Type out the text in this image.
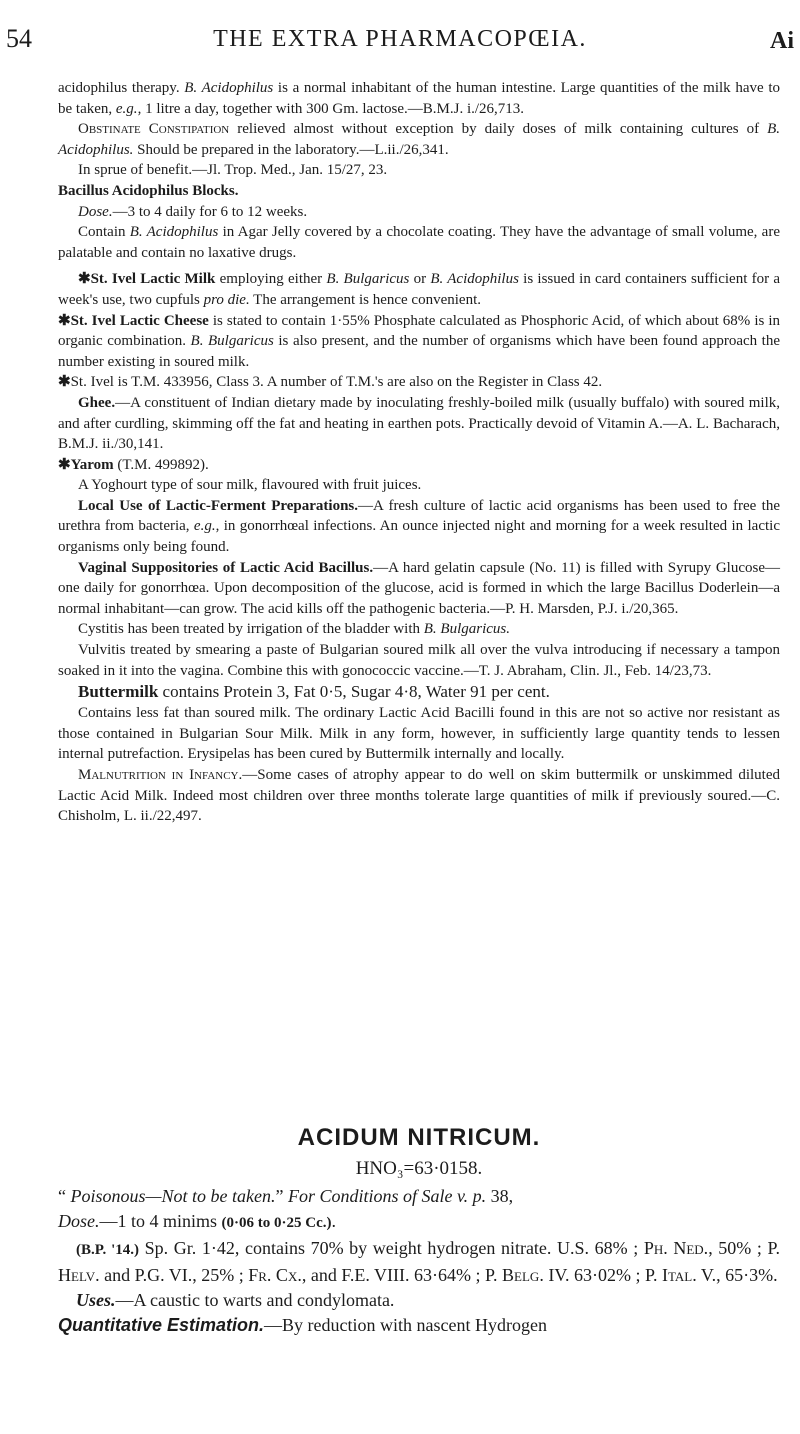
54	THE EXTRA PHARMACOPŒIA.	Ai

acidophilus therapy. B. Acidophilus is a normal inhabitant of the human intestine. Large quantities of the milk have to be taken, e.g., 1 litre a day, together with 300 Gm. lactose.—B.M.J. i./26,713.

Obstinate Constipation relieved almost without exception by daily doses of milk containing cultures of B. Acidophilus. Should be prepared in the laboratory.—L.ii./26,341.

In sprue of benefit.—Jl. Trop. Med., Jan. 15/27, 23.

Bacillus Acidophilus Blocks.

Dose.—3 to 4 daily for 6 to 12 weeks.

Contain B. Acidophilus in Agar Jelly covered by a chocolate coating. They have the advantage of small volume, are palatable and contain no laxative drugs.

✱St. Ivel Lactic Milk employing either B. Bulgaricus or B. Acidophilus is issued in card containers sufficient for a week's use, two cupfuls pro die. The arrangement is hence convenient.

✱St. Ivel Lactic Cheese is stated to contain 1·55% Phosphate calculated as Phosphoric Acid, of which about 68% is in organic combination. B. Bulgaricus is also present, and the number of organisms which have been found approach the number existing in soured milk.

✱St. Ivel is T.M. 433956, Class 3. A number of T.M.'s are also on the Register in Class 42.

Ghee.—A constituent of Indian dietary made by inoculating freshly-boiled milk (usually buffalo) with soured milk, and after curdling, skimming off the fat and heating in earthen pots. Practically devoid of Vitamin A.—A. L. Bacharach, B.M.J. ii./30,141.

✱Yarom (T.M. 499892).

A Yoghourt type of sour milk, flavoured with fruit juices.

Local Use of Lactic-Ferment Preparations.—A fresh culture of lactic acid organisms has been used to free the urethra from bacteria, e.g., in gonorrhœal infections. An ounce injected night and morning for a week resulted in lactic organisms only being found.

Vaginal Suppositories of Lactic Acid Bacillus.—A hard gelatin capsule (No. 11) is filled with Syrupy Glucose—one daily for gonorrhœa. Upon decomposition of the glucose, acid is formed in which the large Bacillus Doderlein—a normal inhabitant—can grow. The acid kills off the pathogenic bacteria.—P. H. Marsden, P.J. i./20,365.

Cystitis has been treated by irrigation of the bladder with B. Bulgaricus.

Vulvitis treated by smearing a paste of Bulgarian soured milk all over the vulva introducing if necessary a tampon soaked in it into the vagina. Combine this with gonococcic vaccine.—T. J. Abraham, Clin. Jl., Feb. 14/23,73.

Buttermilk contains Protein 3, Fat 0·5, Sugar 4·8, Water 91 per cent.

Contains less fat than soured milk. The ordinary Lactic Acid Bacilli found in this are not so active nor resistant as those contained in Bulgarian Sour Milk. Milk in any form, however, in sufficiently large quantity tends to lessen internal putrefaction. Erysipelas has been cured by Buttermilk internally and locally.

Malnutrition in Infancy.—Some cases of atrophy appear to do well on skim buttermilk or unskimmed diluted Lactic Acid Milk. Indeed most children over three months tolerate large quantities of milk if previously soured.—C. Chisholm, L. ii./22,497.

ACIDUM NITRICUM.
HNO₃=63·0158.

“ Poisonous—Not to be taken.” For Conditions of Sale v. p. 38,

Dose.—1 to 4 minims (0·06 to 0·25 Cc.).

(B.P. '14.) Sp. Gr. 1·42, contains 70% by weight hydrogen nitrate. U.S. 68% ; Ph. Ned., 50% ; P. Helv. and P.G. VI., 25% ; Fr. Cx., and F.E. VIII. 63·64% ; P. Belg. IV. 63·02% ; P. Ital. V., 65·3%.

Uses.—A caustic to warts and condylomata.

Quantitative Estimation.—By reduction with nascent Hydrogen
